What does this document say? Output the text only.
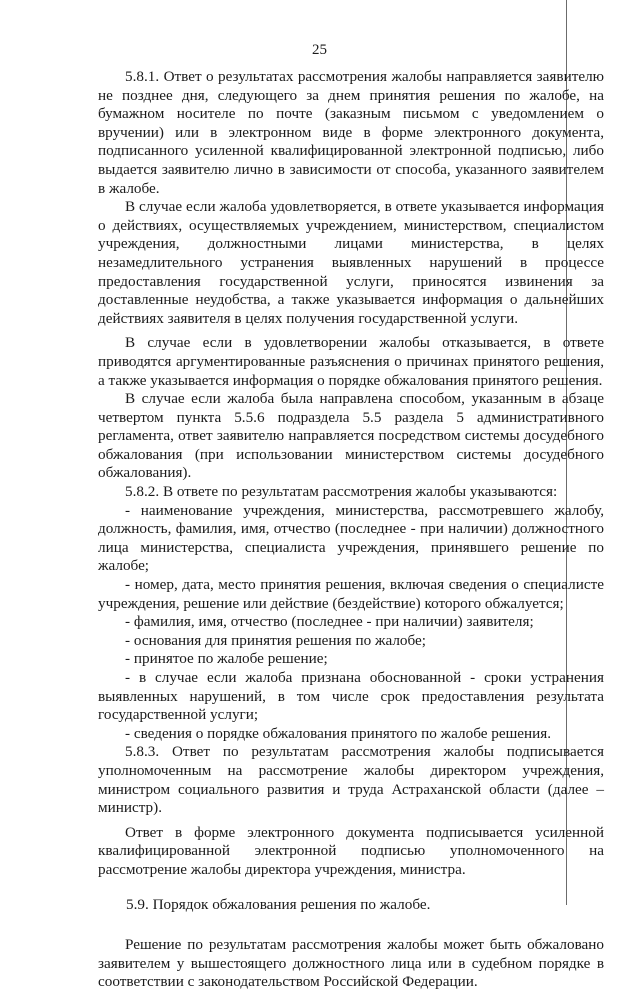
25

5.8.1. Ответ о результатах рассмотрения жалобы направляется заявителю не позднее дня, следующего за днем принятия решения по жалобе, на бумажном носителе по почте (заказным письмом с уведомлением о вручении) или в электронном виде в форме электронного документа, подписанного усиленной квалифицированной электронной подписью, либо выдается заявителю лично в зависимости от способа, указанного заявителем в жалобе.

В случае если жалоба удовлетворяется, в ответе указывается информация о действиях, осуществляемых учреждением, министерством, специалистом учреждения, должностными лицами министерства, в целях незамедлительного устранения выявленных нарушений в процессе предоставления государственной услуги, приносятся извинения за доставленные неудобства, а также указывается информация о дальнейших действиях заявителя в целях получения государственной услуги.

В случае если в удовлетворении жалобы отказывается, в ответе приводятся аргументированные разъяснения о причинах принятого решения, а также указывается информация о порядке обжалования принятого решения.

В случае если жалоба была направлена способом, указанным в абзаце четвертом пункта 5.5.6 подраздела 5.5 раздела 5 административного регламента, ответ заявителю направляется посредством системы досудебного обжалования (при использовании министерством системы досудебного обжалования).

5.8.2. В ответе по результатам рассмотрения жалобы указываются:

- наименование учреждения, министерства, рассмотревшего жалобу, должность, фамилия, имя, отчество (последнее - при наличии) должностного лица министерства, специалиста учреждения, принявшего решение по жалобе;

- номер, дата, место принятия решения, включая сведения о специалисте учреждения, решение или действие (бездействие) которого обжалуется;

- фамилия, имя, отчество (последнее - при наличии) заявителя;

- основания для принятия решения по жалобе;

- принятое по жалобе решение;

- в случае если жалоба признана обоснованной - сроки устранения выявленных нарушений, в том числе срок предоставления результата государственной услуги;

- сведения о порядке обжалования принятого по жалобе решения.

5.8.3. Ответ по результатам рассмотрения жалобы подписывается уполномоченным на рассмотрение жалобы директором учреждения, министром социального развития и труда Астраханской области (далее – министр).

Ответ в форме электронного документа подписывается усиленной квалифицированной электронной подписью уполномоченного на рассмотрение жалобы директора учреждения, министра.

5.9. Порядок обжалования решения по жалобе.

Решение по результатам рассмотрения жалобы может быть обжаловано заявителем у вышестоящего должностного лица или в судебном порядке в соответствии с законодательством Российской Федерации.
